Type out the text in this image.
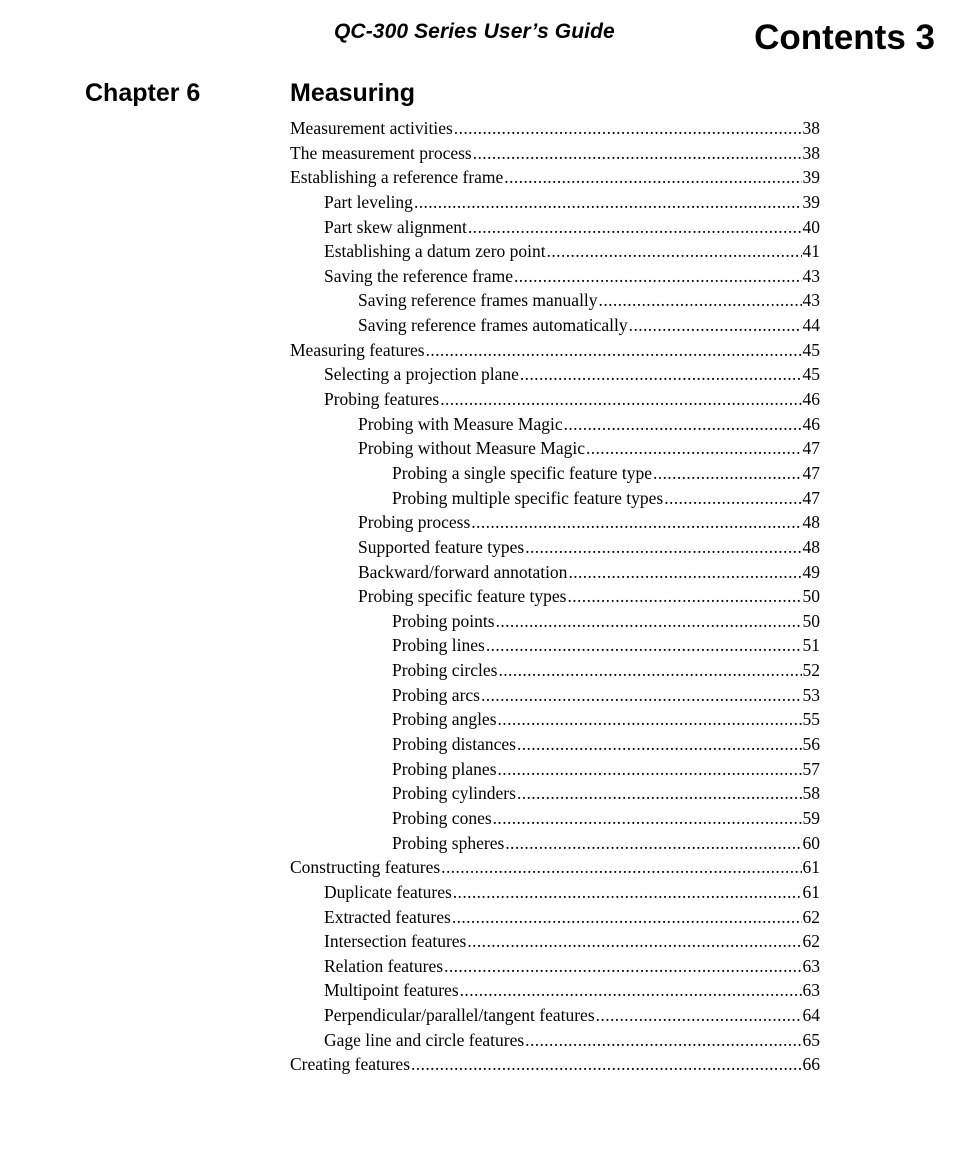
QC-300 Series User’s Guide	Contents 3
Chapter 6	Measuring
Measurement activities .....	38
The measurement process .....	38
Establishing a reference frame .....	39
Part leveling .....	39
Part skew alignment .....	40
Establishing a datum zero point .....	41
Saving the reference frame .....	43
Saving reference frames manually .....	43
Saving reference frames automatically .....	44
Measuring features .....	45
Selecting a projection plane .....	45
Probing features .....	46
Probing with Measure Magic .....	46
Probing without Measure Magic .....	47
Probing a single specific feature type .....	47
Probing multiple specific feature types .....	47
Probing process .....	48
Supported feature types .....	48
Backward/forward annotation .....	49
Probing specific feature types .....	50
Probing points .....	50
Probing lines .....	51
Probing circles .....	52
Probing arcs .....	53
Probing angles .....	55
Probing distances .....	56
Probing planes .....	57
Probing cylinders .....	58
Probing cones .....	59
Probing spheres .....	60
Constructing features .....	61
Duplicate features .....	61
Extracted features .....	62
Intersection features .....	62
Relation features .....	63
Multipoint features .....	63
Perpendicular/parallel/tangent features .....	64
Gage line and circle features .....	65
Creating features .....	66
